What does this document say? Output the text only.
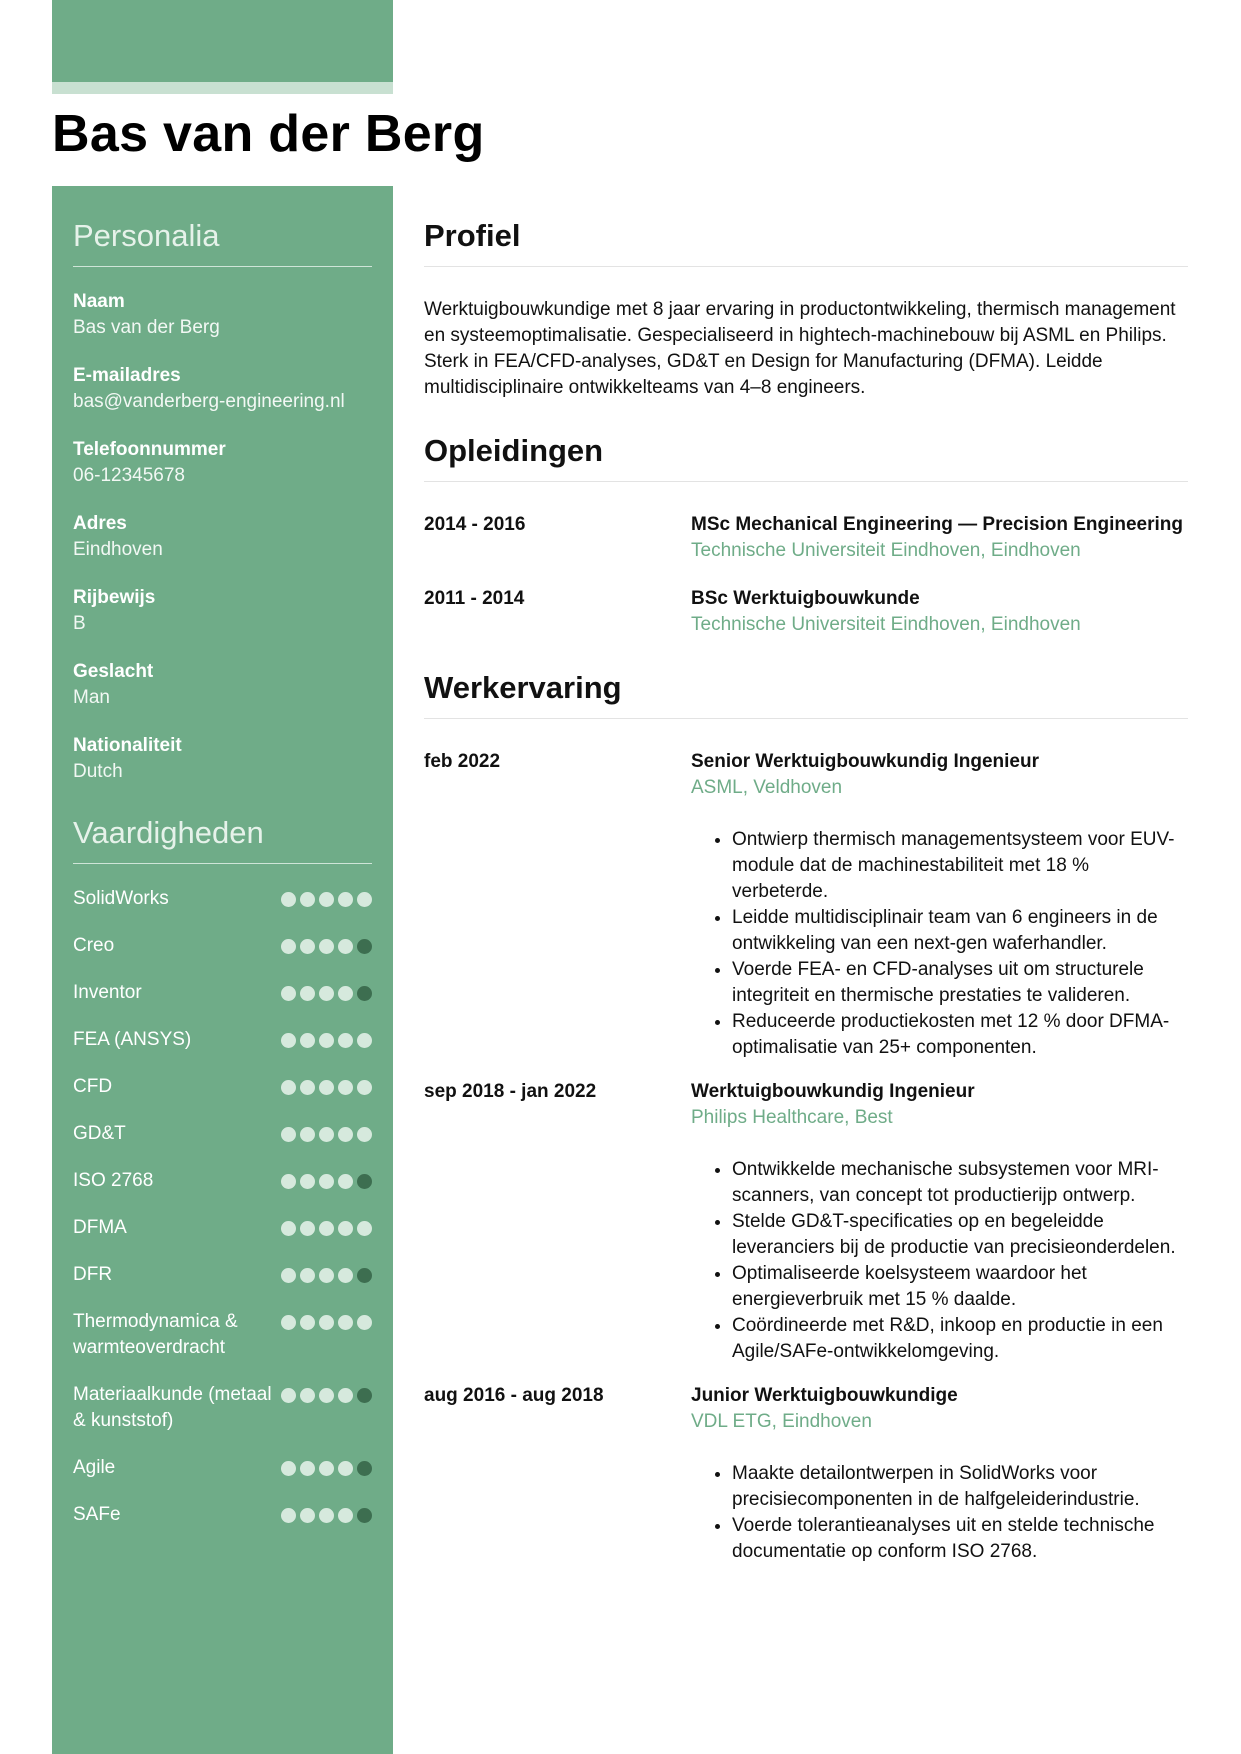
Bas van der Berg
Personalia
Naam
Bas van der Berg
E-mailadres
bas@vanderberg-engineering.nl
Telefoonnummer
06-12345678
Adres
Eindhoven
Rijbewijs
B
Geslacht
Man
Nationaliteit
Dutch
Vaardigheden
SolidWorks
Creo
Inventor
FEA (ANSYS)
CFD
GD&T
ISO 2768
DFMA
DFR
Thermodynamica & warmteoverdracht
Materiaalkunde (metaal & kunststof)
Agile
SAFe
Profiel

Werktuigbouwkundige met 8 jaar ervaring in productontwikkeling, thermisch management en systeemoptimalisatie. Gespecialiseerd in hightech-machinebouw bij ASML en Philips. Sterk in FEA/CFD-analyses, GD&T en Design for Manufacturing (DFMA). Leidde multidisciplinaire ontwikkelteams van 4–8 engineers.

Opleidingen
2014 - 2016	MSc Mechanical Engineering — Precision Engineering
Technische Universiteit Eindhoven, Eindhoven
2011 - 2014	BSc Werktuigbouwkunde
Technische Universiteit Eindhoven, Eindhoven
Werkervaring
feb 2022	Senior Werktuigbouwkundig Ingenieur
ASML, Veldhoven
• Ontwierp thermisch managementsysteem voor EUV-module dat de machinestabiliteit met 18 % verbeterde.
• Leidde multidisciplinair team van 6 engineers in de ontwikkeling van een next-gen waferhandler.
• Voerde FEA- en CFD-analyses uit om structurele integriteit en thermische prestaties te valideren.
• Reduceerde productiekosten met 12 % door DFMA-optimalisatie van 25+ componenten.
sep 2018 - jan 2022	Werktuigbouwkundig Ingenieur
Philips Healthcare, Best
• Ontwikkelde mechanische subsystemen voor MRI-scanners, van concept tot productierijp ontwerp.
• Stelde GD&T-specificaties op en begeleidde leveranciers bij de productie van precisieonderdelen.
• Optimaliseerde koelsysteem waardoor het energieverbruik met 15 % daalde.
• Coördineerde met R&D, inkoop en productie in een Agile/SAFe-ontwikkelomgeving.
aug 2016 - aug 2018	Junior Werktuigbouwkundige
VDL ETG, Eindhoven
• Maakte detailontwerpen in SolidWorks voor precisiecomponenten in de halfgeleiderindustrie.
• Voerde tolerantieanalyses uit en stelde technische documentatie op conform ISO 2768.
